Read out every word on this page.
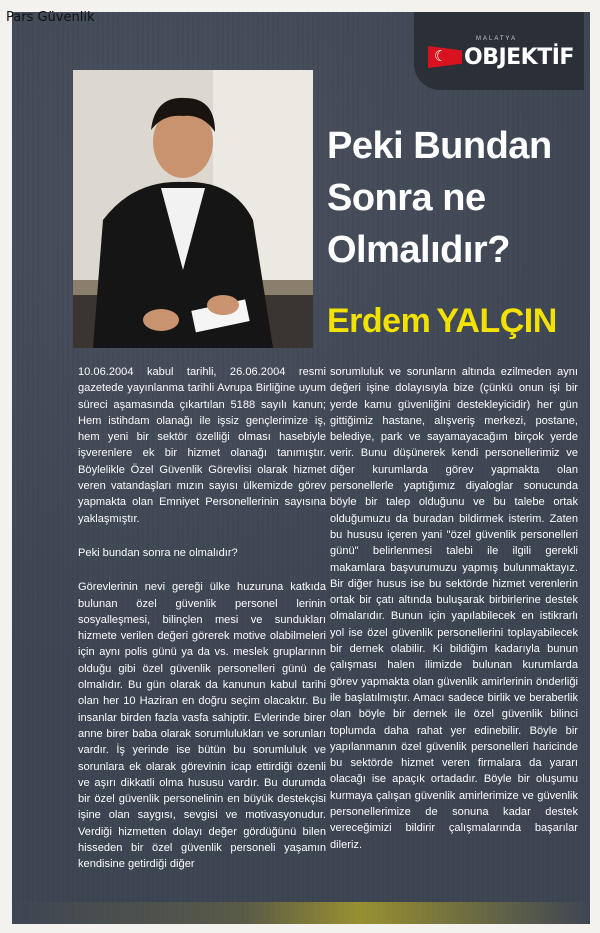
Pars Güvenlik
MALATYA
☾
OBJEKTİF
Peki Bundan
Sonra ne
Olmalıdır?
Erdem YALÇIN

10.06.2004 kabul tarihli, 26.06.2004 resmi gazetede yayınlanma tarihli Avrupa Birliğine uyum süreci aşamasında çıkartılan 5188 sayılı kanun; Hem istihdam olanağı ile işsiz gençlerimize iş, hem yeni bir sektör özelliği olması hasebiyle işverenlere ek bir hizmet olanağı tanımıştır. Böylelikle Özel Güvenlik Görevlisi olarak hizmet veren vatandaşları mızın sayısı ülkemizde görev yapmakta olan Emniyet Personellerinin sayısına yaklaşmıştır.

Peki bundan sonra ne olmalıdır?

Görevlerinin nevi gereği ülke huzuruna katkıda bulunan özel güvenlik personel lerinin sosyalleşmesi, bilinçlen mesi ve sundukları hizmete verilen değeri görerek motive olabilmeleri için aynı polis günü ya da vs. meslek gruplarının olduğu gibi özel güvenlik personelleri günü de olmalıdır. Bu gün olarak da kanunun kabul tarihi olan her 10 Haziran en doğru seçim olacaktır. Bu insanlar birden fazla vasfa sahiptir. Evlerinde birer anne birer baba olarak sorumlulukları ve sorunları vardır. İş yerinde ise bütün bu sorumluluk ve sorunlara ek olarak görevinin icap ettirdiği özenli ve aşırı dikkatli olma hususu vardır. Bu durumda bir özel güvenlik personelinin en büyük destekçisi işine olan saygısı, sevgisi ve motivasyonudur. Verdiği hizmetten dolayı değer gördüğünü bilen hisseden bir özel güvenlik personeli yaşamın kendisine getirdiği diğer

sorumluluk ve sorunların altında ezilmeden aynı değeri işine dolayısıyla bize (çünkü onun işi bir yerde kamu güvenliğini destekleyicidir) her gün gittiğimiz hastane, alışveriş merkezi, postane, belediye, park ve sayamayacağım birçok yerde verir. Bunu düşünerek kendi personellerimiz ve diğer kurumlarda görev yapmakta olan personellerle yaptığımız diyaloglar sonucunda böyle bir talep olduğunu ve bu talebe ortak olduğumuzu da buradan bildirmek isterim. Zaten bu hususu içeren yani "özel güvenlik personelleri günü" belirlenmesi talebi ile ilgili gerekli makamlara başvurumuzu yapmış bulunmaktayız. Bir diğer husus ise bu sektörde hizmet verenlerin ortak bir çatı altında buluşarak birbirlerine destek olmalarıdır. Bunun için yapılabilecek en istikrarlı yol ise özel güvenlik personellerini toplayabilecek bir dernek olabilir. Ki bildiğim kadarıyla bunun çalışması halen ilimizde bulunan kurumlarda görev yapmakta olan güvenlik amirlerinin önderliği ile başlatılmıştır. Amacı sadece birlik ve beraberlik olan böyle bir dernek ile özel güvenlik bilinci toplumda daha rahat yer edinebilir. Böyle bir yapılanmanın özel güvenlik personelleri haricinde bu sektörde hizmet veren firmalara da yararı olacağı ise apaçık ortadadır. Böyle bir oluşumu kurmaya çalışan güvenlik amirlerimize ve güvenlik personellerimize de sonuna kadar destek vereceğimizi bildirir çalışmalarında başarılar dileriz.
